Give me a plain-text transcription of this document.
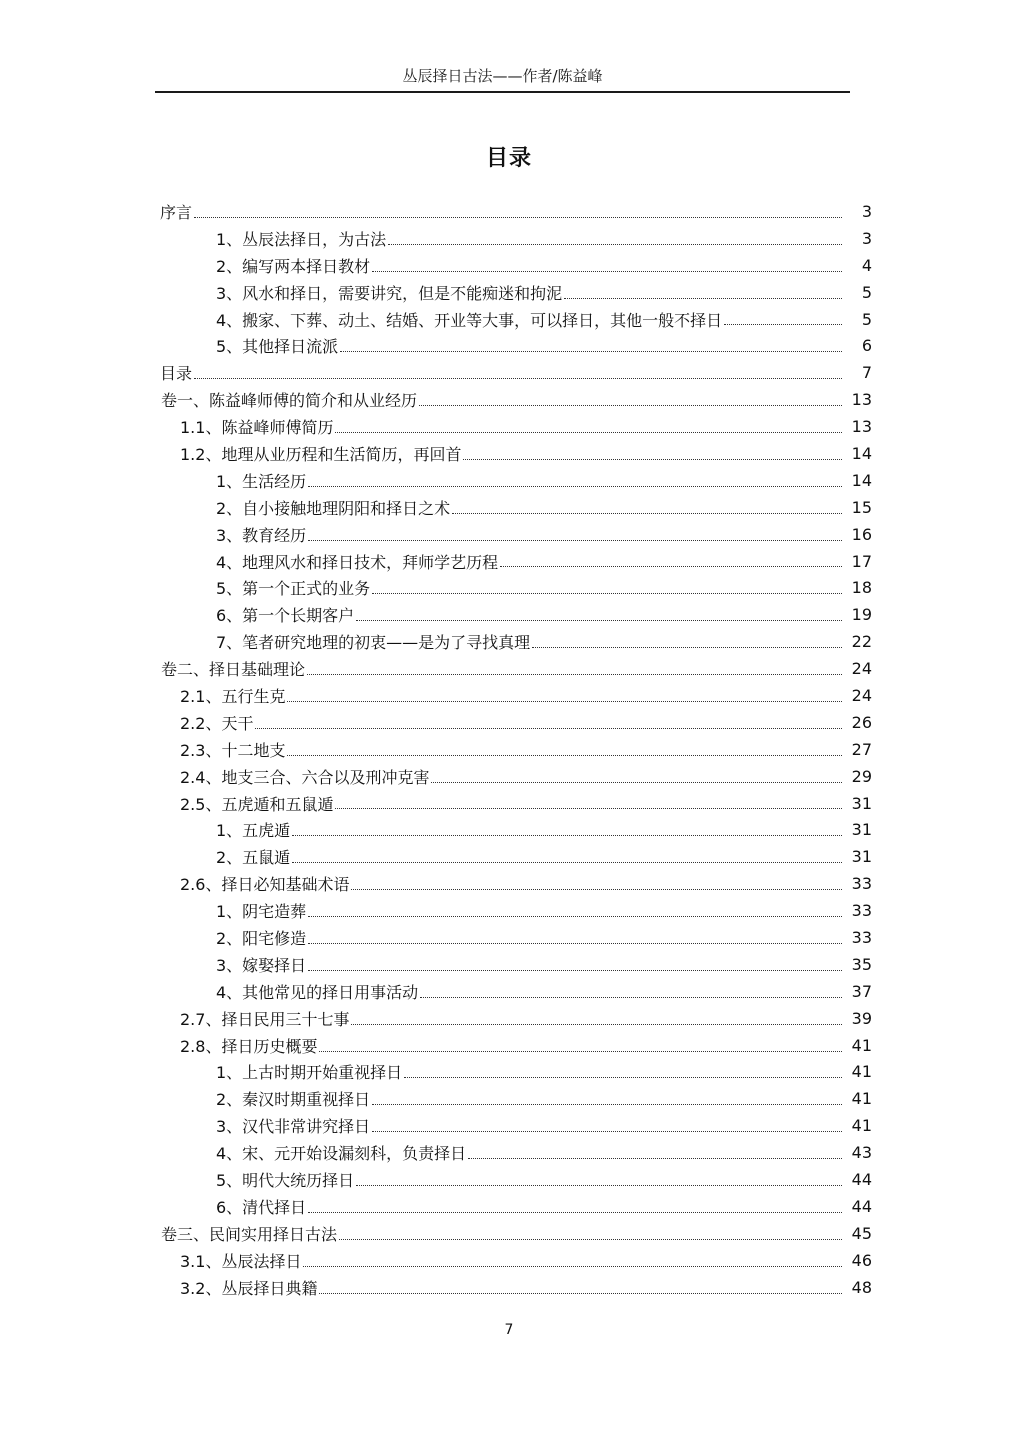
丛辰择日古法——作者/陈益峰
目录
序言	3
1、丛辰法择日，为古法	3
2、编写两本择日教材	4
3、风水和择日，需要讲究，但是不能痴迷和拘泥	5
4、搬家、下葬、动土、结婚、开业等大事，可以择日，其他一般不择日	5
5、其他择日流派	6
目录	7
卷一、陈益峰师傅的简介和从业经历	13
1.1、陈益峰师傅简历	13
1.2、地理从业历程和生活简历，再回首	14
1、生活经历	14
2、自小接触地理阴阳和择日之术	15
3、教育经历	16
4、地理风水和择日技术，拜师学艺历程	17
5、第一个正式的业务	18
6、第一个长期客户	19
7、笔者研究地理的初衷——是为了寻找真理	22
卷二、择日基础理论	24
2.1、五行生克	24
2.2、天干	26
2.3、十二地支	27
2.4、地支三合、六合以及刑冲克害	29
2.5、五虎遁和五鼠遁	31
1、五虎遁	31
2、五鼠遁	31
2.6、择日必知基础术语	33
1、阴宅造葬	33
2、阳宅修造	33
3、嫁娶择日	35
4、其他常见的择日用事活动	37
2.7、择日民用三十七事	39
2.8、择日历史概要	41
1、上古时期开始重视择日	41
2、秦汉时期重视择日	41
3、汉代非常讲究择日	41
4、宋、元开始设漏刻科，负责择日	43
5、明代大统历择日	44
6、清代择日	44
卷三、民间实用择日古法	45
3.1、丛辰法择日	46
3.2、丛辰择日典籍	48
7
